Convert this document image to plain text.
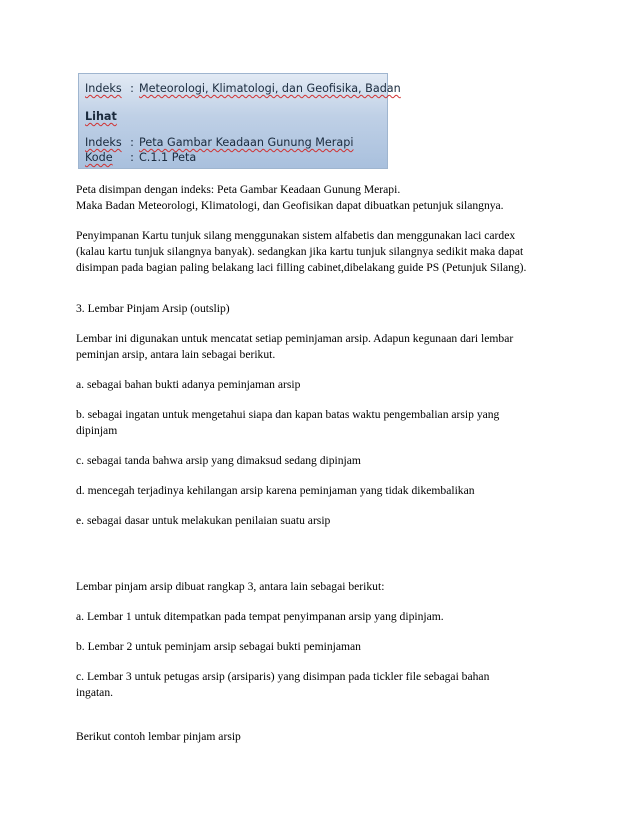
Indeks : Meteorologi, Klimatologi, dan Geofisika, Badan
Lihat
Indeks : Peta Gambar Keadaan Gunung Merapi
Kode : C.1.1 Peta
Peta disimpan dengan indeks: Peta Gambar Keadaan Gunung Merapi.
Maka Badan Meteorologi, Klimatologi, dan Geofisikan dapat dibuatkan petunjuk silangnya.
Penyimpanan Kartu tunjuk silang menggunakan sistem alfabetis dan menggunakan laci cardex
(kalau kartu tunjuk silangnya banyak). sedangkan jika kartu tunjuk silangnya sedikit maka dapat
disimpan pada bagian paling belakang laci filling cabinet,dibelakang guide PS (Petunjuk Silang).
3. Lembar Pinjam Arsip (outslip)
Lembar ini digunakan untuk mencatat setiap peminjaman arsip. Adapun kegunaan dari lembar
peminjan arsip, antara lain sebagai berikut.
a. sebagai bahan bukti adanya peminjaman arsip
b. sebagai ingatan untuk mengetahui siapa dan kapan batas waktu pengembalian arsip yang
dipinjam
c. sebagai tanda bahwa arsip yang dimaksud sedang dipinjam
d. mencegah terjadinya kehilangan arsip karena peminjaman yang tidak dikembalikan
e. sebagai dasar untuk melakukan penilaian suatu arsip
Lembar pinjam arsip dibuat rangkap 3, antara lain sebagai berikut:
a. Lembar 1 untuk ditempatkan pada tempat penyimpanan arsip yang dipinjam.
b. Lembar 2 untuk peminjam arsip sebagai bukti peminjaman
c. Lembar 3 untuk petugas arsip (arsiparis) yang disimpan pada tickler file sebagai bahan
ingatan.
Berikut contoh lembar pinjam arsip
